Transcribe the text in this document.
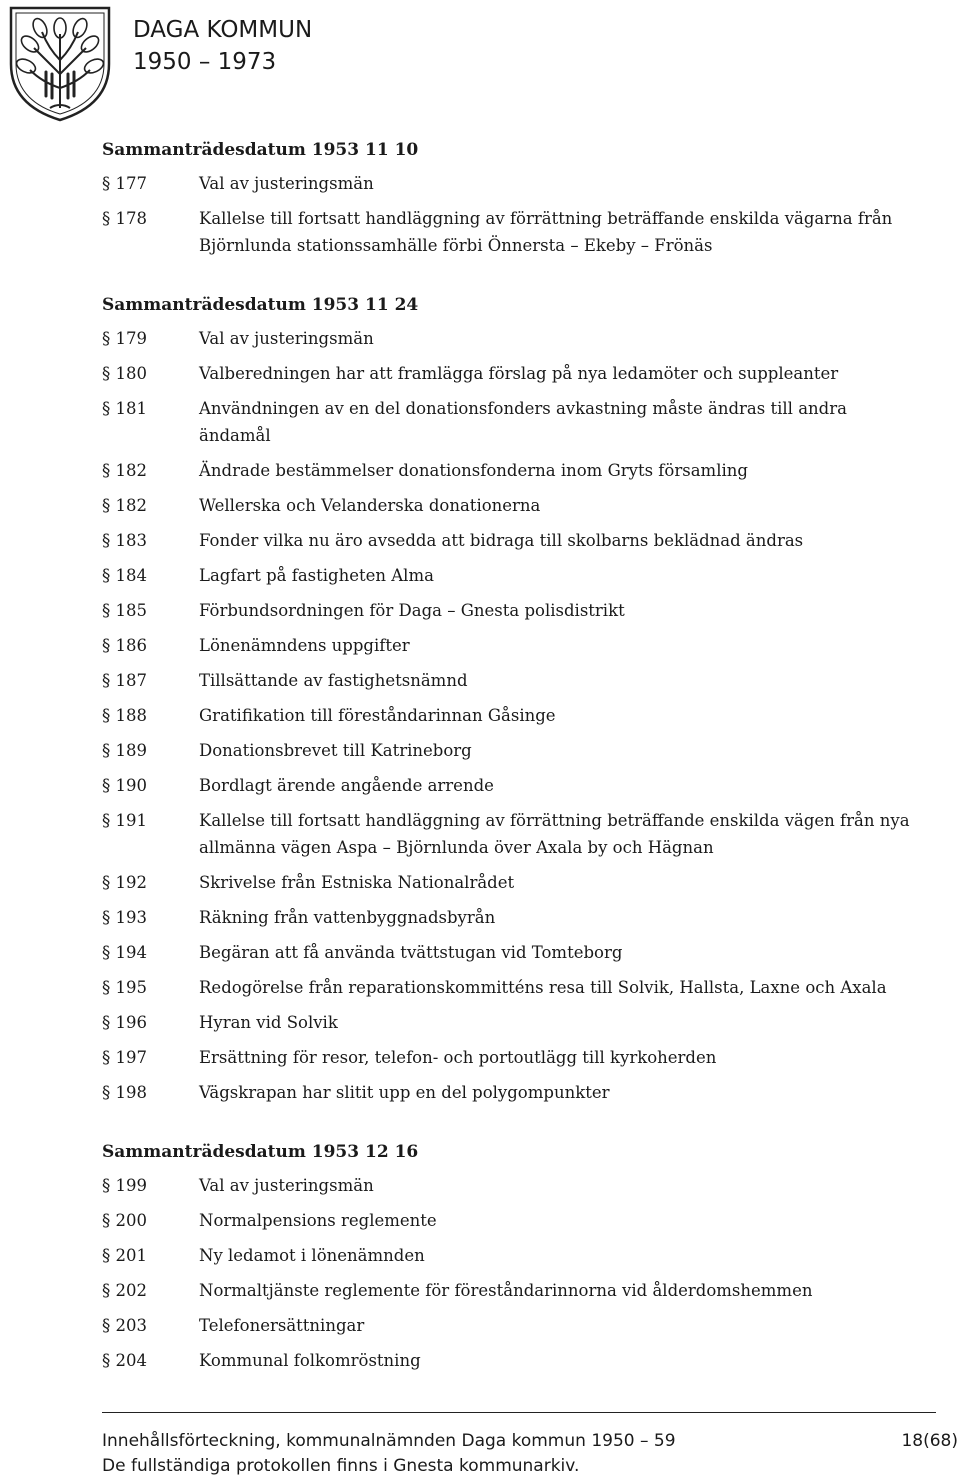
DAGA KOMMUN
1950 – 1973
Sammanträdesdatum 1953 11 10
§ 177	Val av justeringsmän
§ 178	Kallelse till fortsatt handläggning av förrättning beträffande enskilda vägarna från Björnlunda stationssamhälle förbi Önnersta – Ekeby – Frönäs
Sammanträdesdatum 1953 11 24
§ 179	Val av justeringsmän
§ 180	Valberedningen har att framlägga förslag på nya ledamöter och suppleanter
§ 181	Användningen av en del donationsfonders avkastning måste ändras till andra ändamål
§ 182	Ändrade bestämmelser donationsfonderna inom Gryts församling
§ 182	Wellerska och Velanderska donationerna
§ 183	Fonder vilka nu äro avsedda att bidraga till skolbarns beklädnad ändras
§ 184	Lagfart på fastigheten Alma
§ 185	Förbundsordningen för Daga – Gnesta polisdistrikt
§ 186	Lönenämndens uppgifter
§ 187	Tillsättande av fastighetsnämnd
§ 188	Gratifikation till föreståndarinnan Gåsinge
§ 189	Donationsbrevet till Katrineborg
§ 190	Bordlagt ärende angående arrende
§ 191	Kallelse till fortsatt handläggning av förrättning beträffande enskilda vägen från nya allmänna vägen Aspa – Björnlunda över Axala by och Hägnan
§ 192	Skrivelse från Estniska Nationalrådet
§ 193	Räkning från vattenbyggnadsbyrån
§ 194	Begäran att få använda tvättstugan vid Tomteborg
§ 195	Redogörelse från reparationskommitténs resa till Solvik, Hallsta, Laxne och Axala
§ 196	Hyran vid Solvik
§ 197	Ersättning för resor, telefon- och portoutlägg till kyrkoherden
§ 198	Vägskrapan har slitit upp en del polygompunkter
Sammanträdesdatum 1953 12 16
§ 199	Val av justeringsmän
§ 200	Normalpensions reglemente
§ 201	Ny ledamot i lönenämnden
§ 202	Normaltjänste reglemente för föreståndarinnorna vid ålderdomshemmen
§ 203	Telefonersättningar
§ 204	Kommunal folkomröstning
Innehållsförteckning, kommunalnämnden Daga kommun 1950 – 59	18(68)
De fullständiga protokollen finns i Gnesta kommunarkiv.
